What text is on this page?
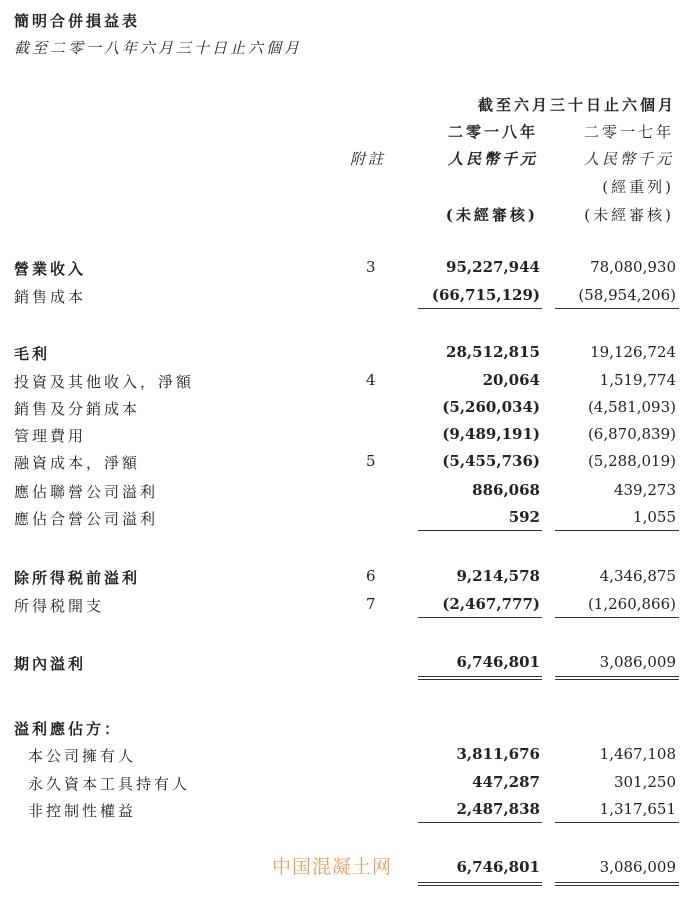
簡明合併損益表
截至二零一八年六月三十日止六個月
截至六月三十日止六個月
二零一八年	二零一七年
附註	人民幣千元	人民幣千元
(經重列)
(未經審核)	(未經審核)
營業收入	3	95,227,944	78,080,930
銷售成本	(66,715,129)	(58,954,206)
毛利	28,512,815	19,126,724
投資及其他收入，淨額	4	20,064	1,519,774
銷售及分銷成本	(5,260,034)	(4,581,093)
管理費用	(9,489,191)	(6,870,839)
融資成本，淨額	5	(5,455,736)	(5,288,019)
應佔聯營公司溢利	886,068	439,273
應佔合營公司溢利	592	1,055
除所得税前溢利	6	9,214,578	4,346,875
所得税開支	7	(2,467,777)	(1,260,866)
期內溢利	6,746,801	3,086,009
溢利應佔方：
本公司擁有人	3,811,676	1,467,108
永久資本工具持有人	447,287	301,250
非控制性權益	2,487,838	1,317,651
中国混凝土网	6,746,801	3,086,009
